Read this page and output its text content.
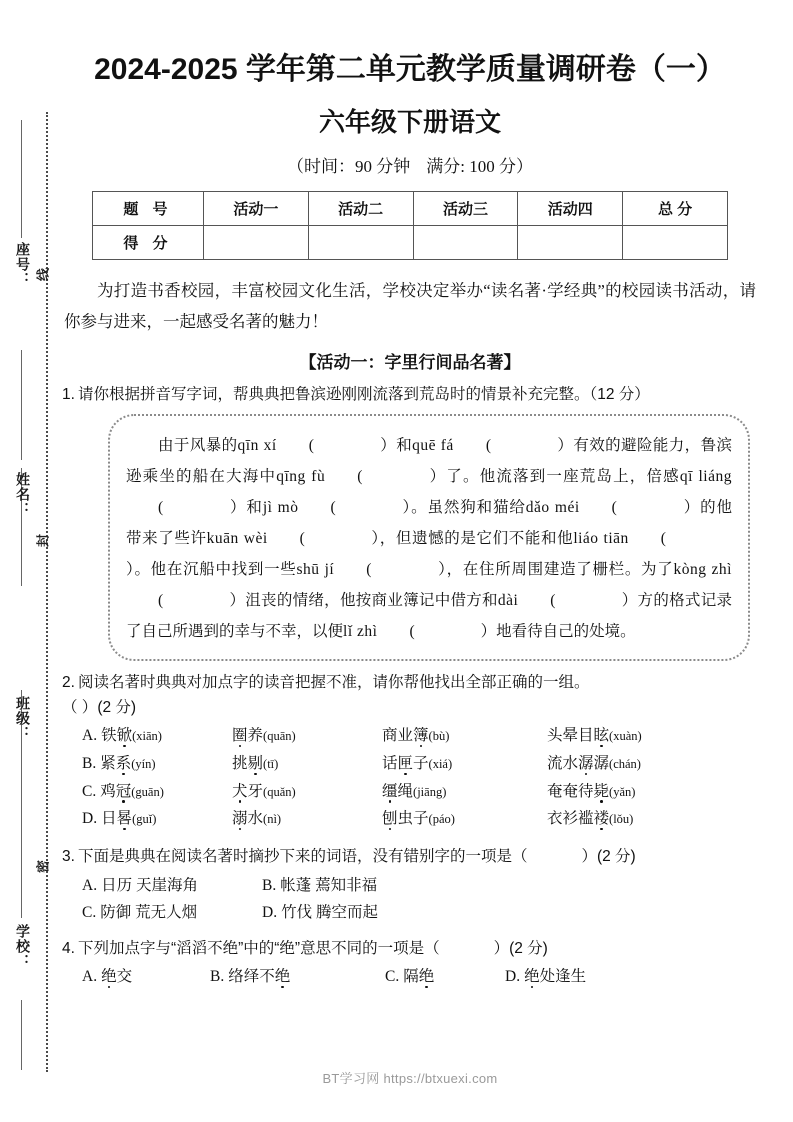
线
封
密
座号：
姓名：
班级：
学校：
2024-2025 学年第二单元教学质量调研卷（一）
六年级下册语文
（时间：90 分钟 满分: 100 分）
题 号	活动一	活动二	活动三	活动四	总 分
得 分					

为打造书香校园，丰富校园文化生活，学校决定举办“读名著·学经典”的校园读书活动，请你参与进来，一起感受名著的魅力！

【活动一：字里行间品名著】
1. 请你根据拼音写字词，帮典典把鲁滨逊刚刚流落到荒岛时的情景补充完整。（12 分）

由于风暴的qīn xí (	）和quē fá (	）有效的避险能力，鲁滨逊乘坐的船在大海中qīng fù (	）了。他流落到一座荒岛上，倍感qī liáng(	）和jì mò (	）。虽然狗和猫给dǎo méi (	）的他带来了些许kuān wèi (	），但遗憾的是它们不能和他liáo tiān (）。他在沉船中找到一些shū jí (	），在住所周围建造了栅栏。为了kòng zhì(	）沮丧的情绪，他按商业簿记中借方和dài (	）方的格式记录了自己所遇到的幸与不幸，以便lǐ zhì (	）地看待自己的处境。

2. 阅读名著时典典对加点字的读音把握不准，请你帮他找出全部正确的一组。
（ ）(2 分)
A. 铁锨(xiān)	圈养(quān)	商业簿(bù)	头晕目眩(xuàn)
B. 紧系(yín)	挑剔(tī)	话匣子(xiá)	流水潺潺(chán)
C. 鸡冠(guān)	犬牙(quǎn)	缰绳(jiāng)	奄奄待毙(yǎn)
D. 日晷(guǐ)	溺水(nì)	刨虫子(páo)	衣衫褴褛(lǒu)
3. 下面是典典在阅读名著时摘抄下来的词语，没有错别字的一项是（	）(2 分)
A. 日历 天崖海角	B. 帐蓬 蔫知非福
C. 防御 荒无人烟	D. 竹伐 腾空而起
4. 下列加点字与“滔滔不绝”中的“绝”意思不同的一项是（	）(2 分)
A. 绝交	B. 络绎不绝	C. 隔绝	D. 绝处逢生
BT学习网 https://btxuexi.com
